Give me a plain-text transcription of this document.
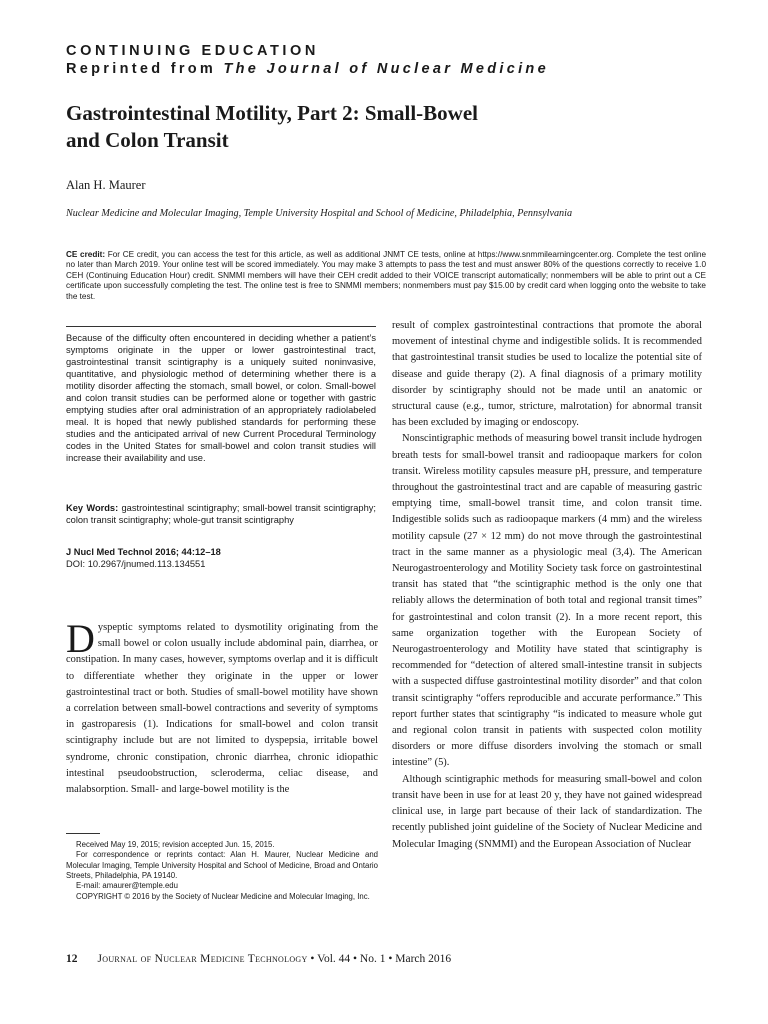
CONTINUING EDUCATION
Reprinted from The Journal of Nuclear Medicine
Gastrointestinal Motility, Part 2: Small-Bowel
and Colon Transit
Alan H. Maurer
Nuclear Medicine and Molecular Imaging, Temple University Hospital and School of Medicine, Philadelphia, Pennsylvania
CE credit: For CE credit, you can access the test for this article, as well as additional JNMT CE tests, online at https://www.snmmilearningcenter.org. Complete the test online no later than March 2019. Your online test will be scored immediately. You may make 3 attempts to pass the test and must answer 80% of the questions correctly to receive 1.0 CEH (Continuing Education Hour) credit. SNMMI members will have their CEH credit added to their VOICE transcript automatically; nonmembers will be able to print out a CE certificate upon successfully completing the test. The online test is free to SNMMI members; nonmembers must pay $15.00 by credit card when logging onto the website to take the test.
Because of the difficulty often encountered in deciding whether a patient’s symptoms originate in the upper or lower gastrointestinal tract, gastrointestinal transit scintigraphy is a uniquely suited noninvasive, quantitative, and physiologic method of determining whether there is a motility disorder affecting the stomach, small bowel, or colon. Small-bowel and colon transit studies can be performed alone or together with gastric emptying studies after oral administration of an appropriately radiolabeled meal. It is hoped that newly published standards for performing these studies and the anticipated arrival of new Current Procedural Terminology codes in the United States for small-bowel and colon transit studies will increase their availability and use.
Key Words: gastrointestinal scintigraphy; small-bowel transit scintigraphy; colon transit scintigraphy; whole-gut transit scintigraphy
J Nucl Med Technol 2016; 44:12–18
DOI: 10.2967/jnumed.113.134551
Dyspeptic symptoms related to dysmotility originating from the small bowel or colon usually include abdominal pain, diarrhea, or constipation. In many cases, however, symptoms overlap and it is difficult to differentiate whether they originate in the upper or lower gastrointestinal tract or both. Studies of small-bowel motility have shown a correlation between small-bowel contractions and severity of symptoms in gastroparesis (1). Indications for small-bowel and colon transit scintigraphy include but are not limited to dyspepsia, irritable bowel syndrome, chronic constipation, chronic diarrhea, chronic idiopathic intestinal pseudoobstruction, scleroderma, celiac disease, and malabsorption. Small- and large-bowel motility is the

Received May 19, 2015; revision accepted Jun. 15, 2015.

For correspondence or reprints contact: Alan H. Maurer, Nuclear Medicine and Molecular Imaging, Temple University Hospital and School of Medicine, Broad and Ontario Streets, Philadelphia, PA 19140.

E-mail: amaurer@temple.edu

COPYRIGHT © 2016 by the Society of Nuclear Medicine and Molecular Imaging, Inc.

result of complex gastrointestinal contractions that promote the aboral movement of intestinal chyme and indigestible solids. It is recommended that gastrointestinal transit studies be used to localize the potential site of disease and guide therapy (2). A final diagnosis of a primary motility disorder by scintigraphy should not be made until an anatomic or structural cause (e.g., tumor, stricture, malrotation) for abnormal transit has been excluded by imaging or endoscopy.

Nonscintigraphic methods of measuring bowel transit include hydrogen breath tests for small-bowel transit and radioopaque markers for colon transit. Wireless motility capsules measure pH, pressure, and temperature throughout the gastrointestinal tract and are capable of measuring gastric emptying time, small-bowel transit time, and colon transit time. Indigestible solids such as radioopaque markers (4 mm) and the wireless motility capsule (27 × 12 mm) do not move through the gastrointestinal tract in the same manner as a physiologic meal (3,4). The American Neurogastroenterology and Motility Society task force on gastrointestinal transit has stated that “the scintigraphic method is the only one that reliably allows the determination of both total and regional transit times” for gastrointestinal and colon transit (2). In a more recent report, this same organization together with the European Society of Neurogastroenterology and Motility have stated that scintigraphy is recommended for “detection of altered small-intestine transit in subjects with a suspected diffuse gastrointestinal motility disorder” and that colon transit scintigraphy “offers reproducible and accurate performance.” This report further states that scintigraphy “is indicated to measure whole gut and regional colon transit in patients with suspected colon motility disorders or more diffuse disorders involving the stomach or small intestine” (5).

Although scintigraphic methods for measuring small-bowel and colon transit have been in use for at least 20 y, they have not gained widespread clinical use, in large part because of their lack of standardization. The recently published joint guideline of the Society of Nuclear Medicine and Molecular Imaging (SNMMI) and the European Association of Nuclear

12 Journal of Nuclear Medicine Technology • Vol. 44 • No. 1 • March 2016
